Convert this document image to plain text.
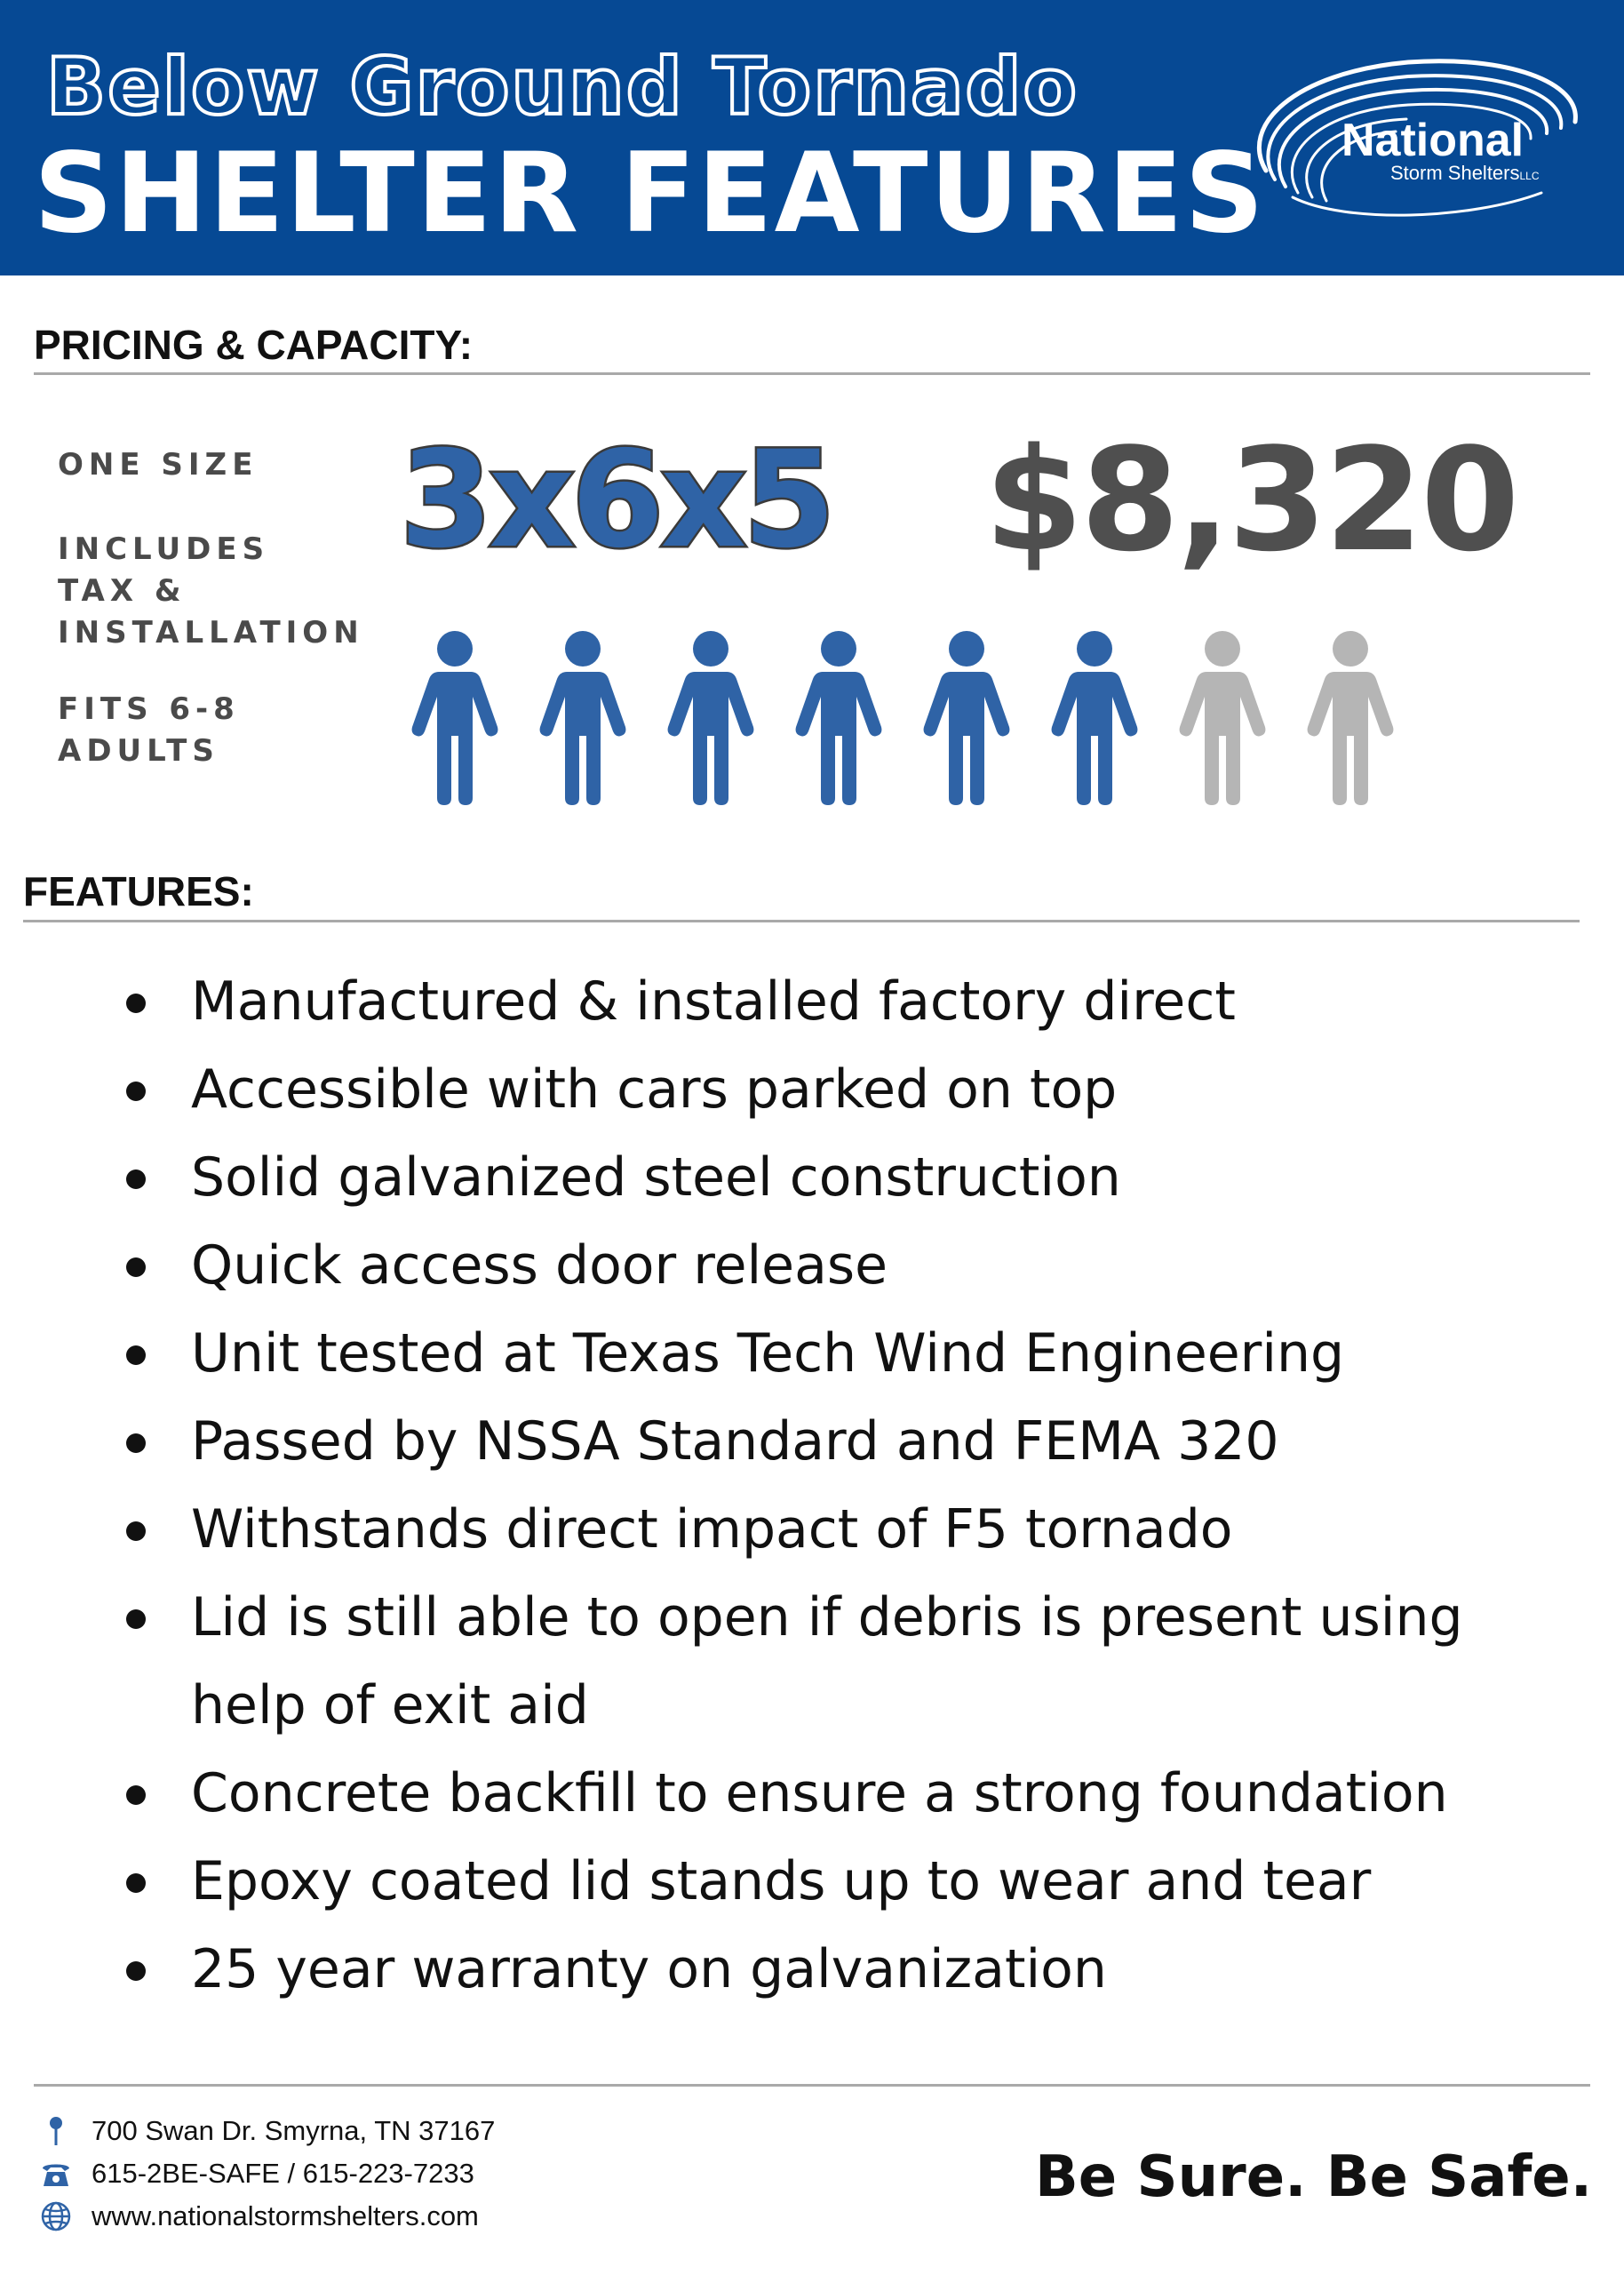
Below Ground Tornado
SHELTER FEATURES National
Storm SheltersLLC
PRICING & CAPACITY:
ONE SIZE
INCLUDES
TAX &
INSTALLATION
FITS 6-8
ADULTS
3x6x5 $8,320
FEATURES:
Manufactured & installed factory direct
Accessible with cars parked on top
Solid galvanized steel construction
Quick access door release
Unit tested at Texas Tech Wind Engineering
Passed by NSSA Standard and FEMA 320
Withstands direct impact of F5 tornado
Lid is still able to open if debris is present using help of exit aid
Concrete backfill to ensure a strong foundation
Epoxy coated lid stands up to wear and tear
25 year warranty on galvanization
700 Swan Dr. Smyrna, TN 37167
615-2BE-SAFE / 615-223-7233
www.nationalstormshelters.com
Be Sure. Be Safe.
